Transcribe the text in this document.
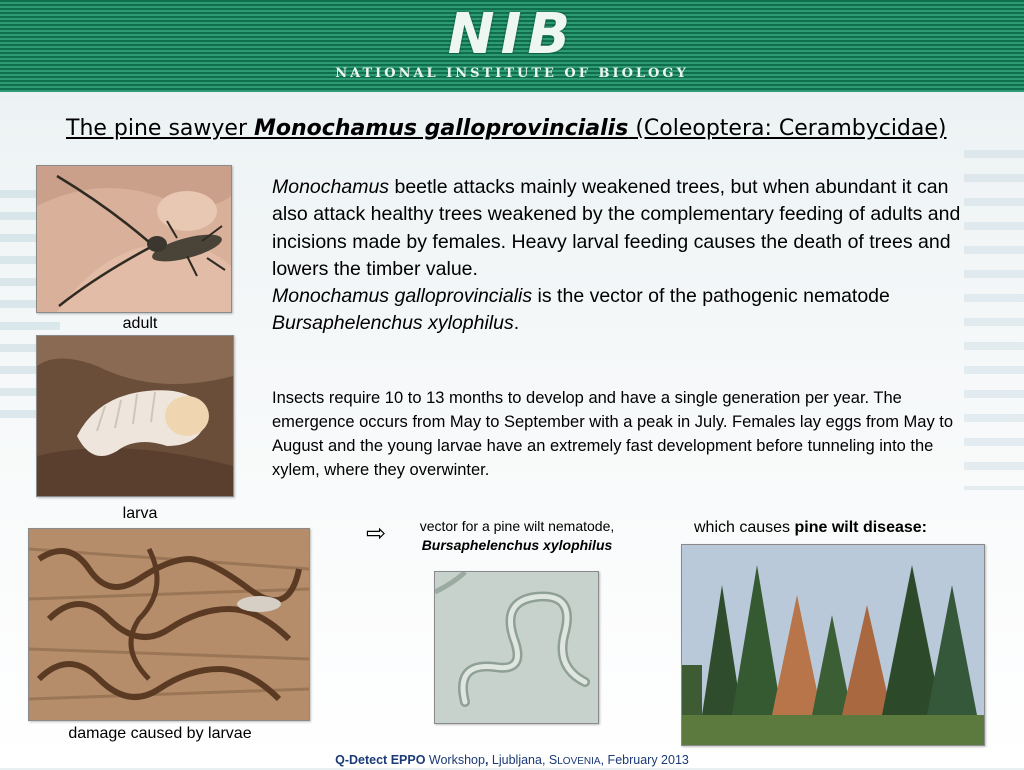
NIB
NATIONAL INSTITUTE OF BIOLOGY
The pine sawyer Monochamus galloprovincialis (Coleoptera: Cerambycidae)
adult
larva
damage caused by larvae
Monochamus beetle attacks mainly weakened trees, but when abundant it can also attack healthy trees weakened by the complementary feeding of adults and incisions made by females. Heavy larval feeding causes the death of trees and lowers the timber value.
Monochamus galloprovincialis is the vector of the pathogenic nematode Bursaphelenchus xylophilus.
Insects require 10 to 13 months to develop and have a single generation per year. The emergence occurs from May to September with a peak in July. Females lay eggs from May to August and the young larvae have an extremely fast development before tunneling into the xylem, where they overwinter.
⇨	vector for a pine wilt nematode,
Bursaphelenchus xylophilus
which causes pine wilt disease:
Q-Detect EPPO Workshop, Ljubljana, SLOVENIA, February 2013
